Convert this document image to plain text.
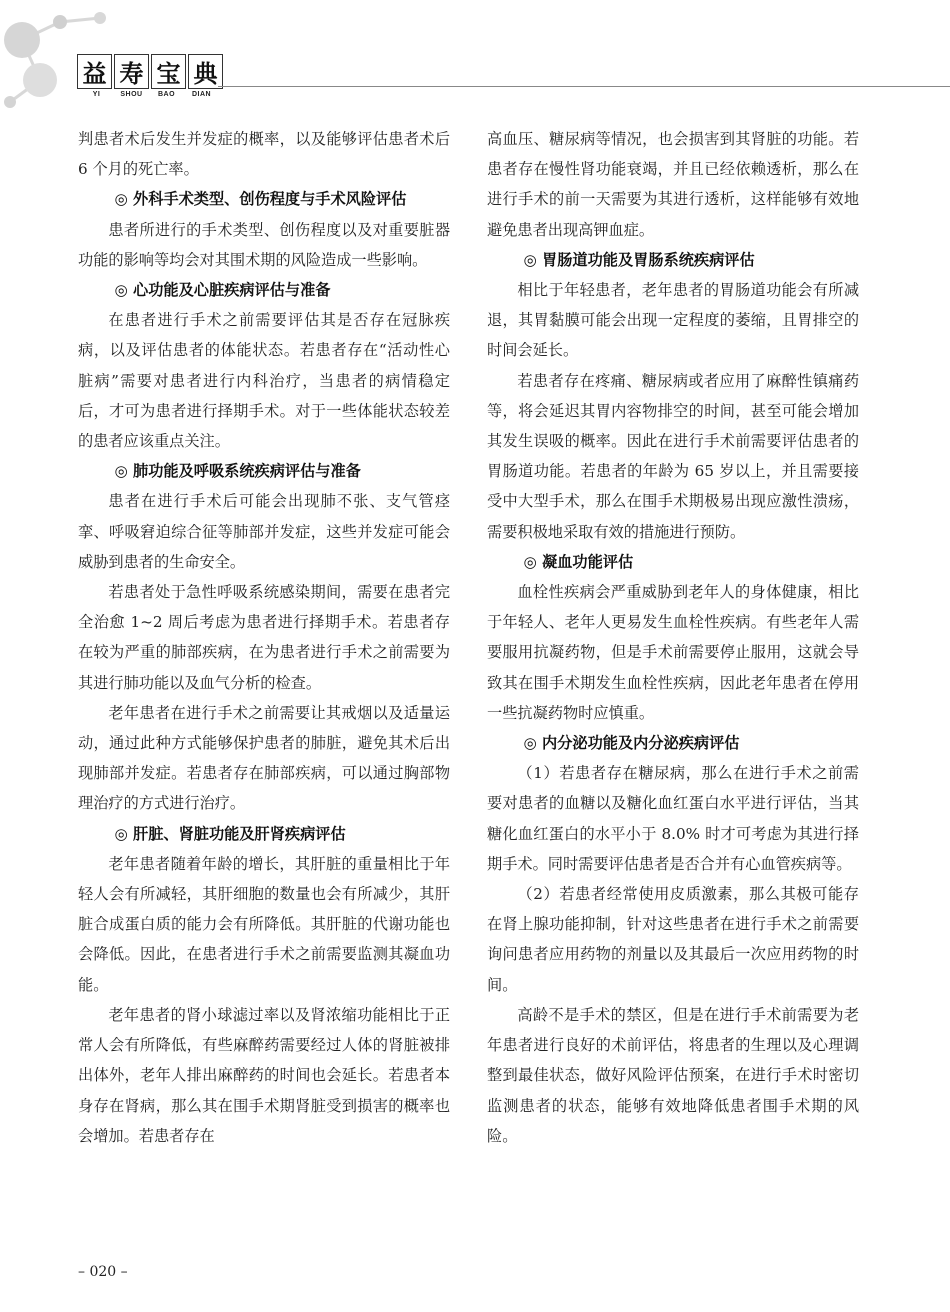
益 寿 宝 典
YI	SHOU BAO DIAN

判患者术后发生并发症的概率，以及能够评估患者术后 6 个月的死亡率。

◎ 外科手术类型、创伤程度与手术风险评估

患者所进行的手术类型、创伤程度以及对重要脏器功能的影响等均会对其围术期的风险造成一些影响。

◎ 心功能及心脏疾病评估与准备

在患者进行手术之前需要评估其是否存在冠脉疾病，以及评估患者的体能状态。若患者存在“活动性心脏病”需要对患者进行内科治疗，当患者的病情稳定后，才可为患者进行择期手术。对于一些体能状态较差的患者应该重点关注。

◎ 肺功能及呼吸系统疾病评估与准备

患者在进行手术后可能会出现肺不张、支气管痉挛、呼吸窘迫综合征等肺部并发症，这些并发症可能会威胁到患者的生命安全。

若患者处于急性呼吸系统感染期间，需要在患者完全治愈 1~2 周后考虑为患者进行择期手术。若患者存在较为严重的肺部疾病，在为患者进行手术之前需要为其进行肺功能以及血气分析的检查。

老年患者在进行手术之前需要让其戒烟以及适量运动，通过此种方式能够保护患者的肺脏，避免其术后出现肺部并发症。若患者存在肺部疾病，可以通过胸部物理治疗的方式进行治疗。

◎ 肝脏、肾脏功能及肝肾疾病评估

老年患者随着年龄的增长，其肝脏的重量相比于年轻人会有所减轻，其肝细胞的数量也会有所减少，其肝脏合成蛋白质的能力会有所降低。其肝脏的代谢功能也会降低。因此，在患者进行手术之前需要监测其凝血功能。

老年患者的肾小球滤过率以及肾浓缩功能相比于正常人会有所降低，有些麻醉药需要经过人体的肾脏被排出体外，老年人排出麻醉药的时间也会延长。若患者本身存在肾病，那么其在围手术期肾脏受到损害的概率也会增加。若患者存在

高血压、糖尿病等情况，也会损害到其肾脏的功能。若患者存在慢性肾功能衰竭，并且已经依赖透析，那么在进行手术的前一天需要为其进行透析，这样能够有效地避免患者出现高钾血症。

◎ 胃肠道功能及胃肠系统疾病评估

相比于年轻患者，老年患者的胃肠道功能会有所减退，其胃黏膜可能会出现一定程度的萎缩，且胃排空的时间会延长。

若患者存在疼痛、糖尿病或者应用了麻醉性镇痛药等，将会延迟其胃内容物排空的时间，甚至可能会增加其发生误吸的概率。因此在进行手术前需要评估患者的胃肠道功能。若患者的年龄为 65 岁以上，并且需要接受中大型手术，那么在围手术期极易出现应激性溃疡，需要积极地采取有效的措施进行预防。

◎ 凝血功能评估

血栓性疾病会严重威胁到老年人的身体健康，相比于年轻人、老年人更易发生血栓性疾病。有些老年人需要服用抗凝药物，但是手术前需要停止服用，这就会导致其在围手术期发生血栓性疾病，因此老年患者在停用一些抗凝药物时应慎重。

◎ 内分泌功能及内分泌疾病评估

（1）若患者存在糖尿病，那么在进行手术之前需要对患者的血糖以及糖化血红蛋白水平进行评估，当其糖化血红蛋白的水平小于 8.0% 时才可考虑为其进行择期手术。同时需要评估患者是否合并有心血管疾病等。

（2）若患者经常使用皮质激素，那么其极可能存在肾上腺功能抑制，针对这些患者在进行手术之前需要询问患者应用药物的剂量以及其最后一次应用药物的时间。

高龄不是手术的禁区，但是在进行手术前需要为老年患者进行良好的术前评估，将患者的生理以及心理调整到最佳状态，做好风险评估预案，在进行手术时密切监测患者的状态，能够有效地降低患者围手术期的风险。

– 020 –
